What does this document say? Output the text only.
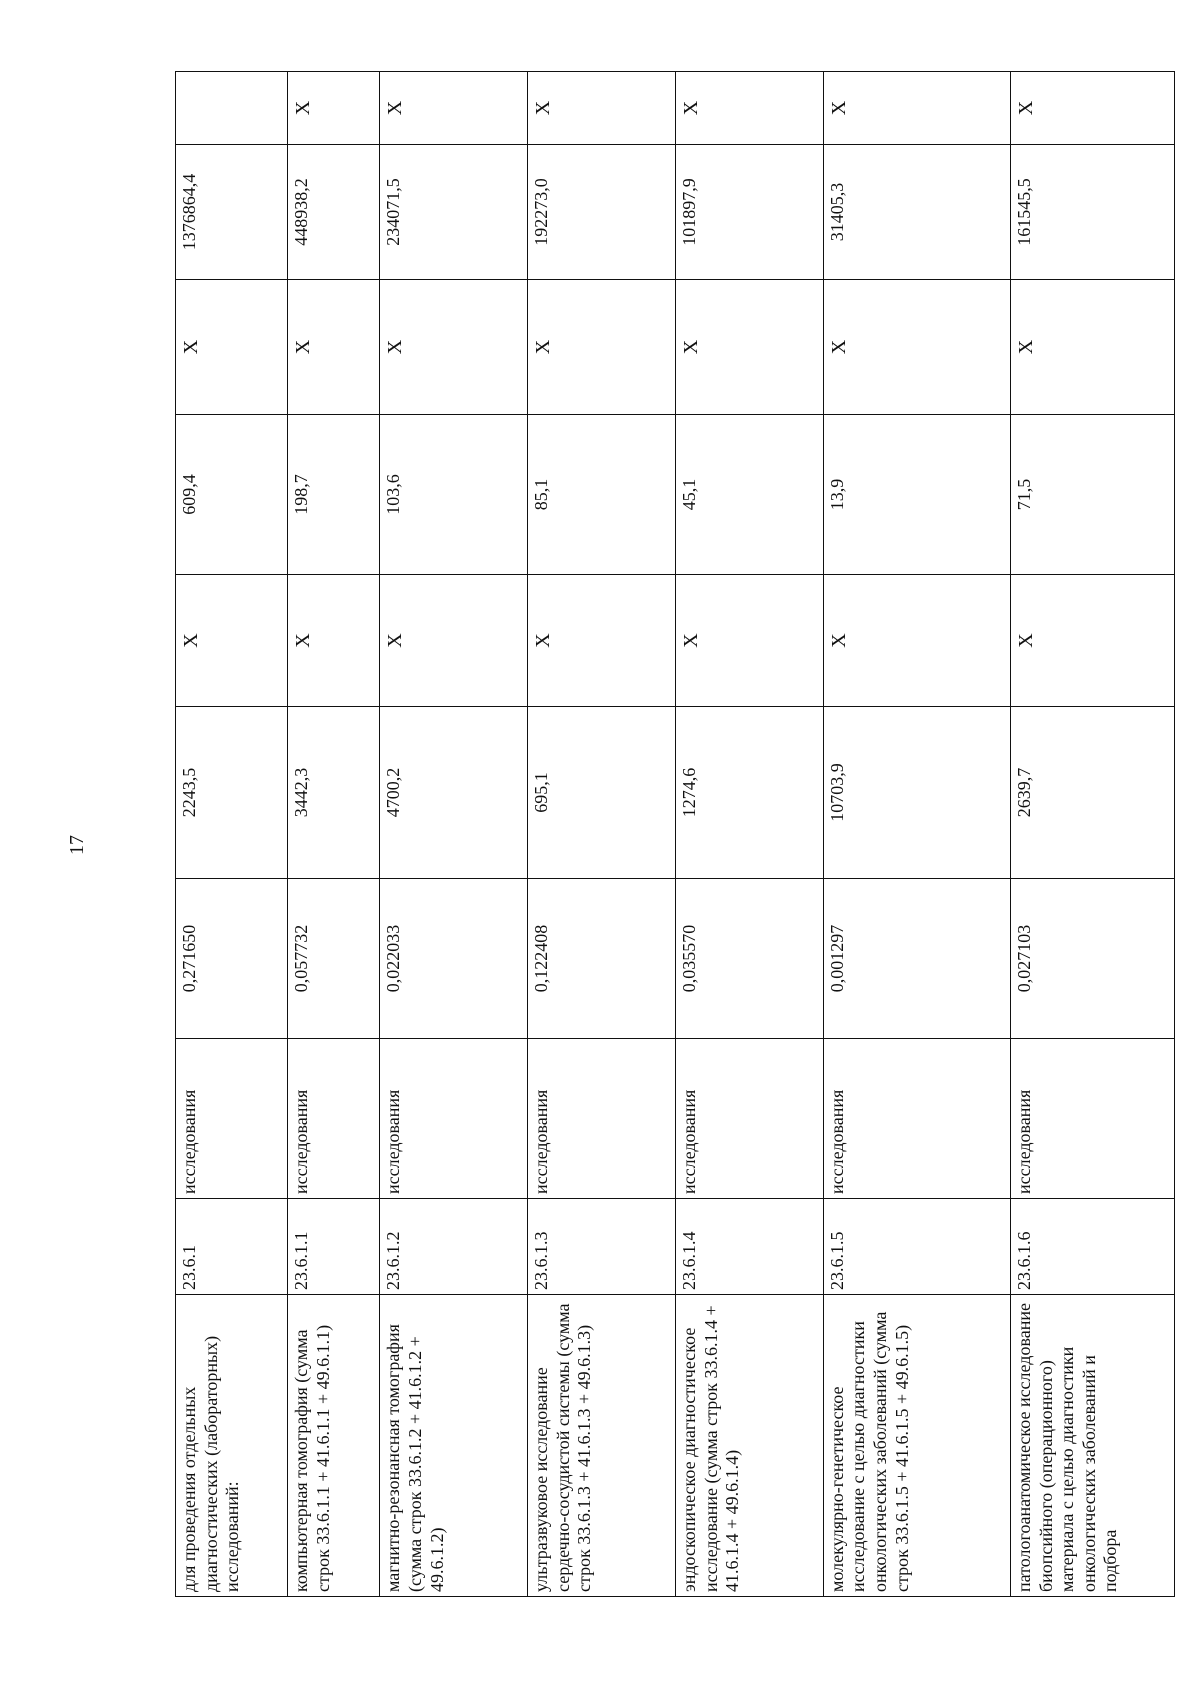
17
для проведения отдельных диагностических (лабораторных) исследований:	23.6.1	исследования	0,271650	2243,5	X	609,4	X	1376864,4	
компьютерная томография (сумма строк 33.6.1.1 + 41.6.1.1 + 49.6.1.1)	23.6.1.1	исследования	0,057732	3442,3	X	198,7	X	448938,2	X
магнитно-резонансная томография (сумма строк 33.6.1.2 + 41.6.1.2 + 49.6.1.2)	23.6.1.2	исследования	0,022033	4700,2	X	103,6	X	234071,5	X
ультразвуковое исследование сердечно-сосудистой системы (сумма строк 33.6.1.3 + 41.6.1.3 + 49.6.1.3)	23.6.1.3	исследования	0,122408	695,1	X	85,1	X	192273,0	X
эндоскопическое диагностическое исследование (сумма строк 33.6.1.4 + 41.6.1.4 + 49.6.1.4)	23.6.1.4	исследования	0,035570	1274,6	X	45,1	X	101897,9	X
молекулярно-генетическое исследование с целью диагностики онкологических заболеваний (сумма строк 33.6.1.5 + 41.6.1.5 + 49.6.1.5)	23.6.1.5	исследования	0,001297	10703,9	X	13,9	X	31405,3	X
патологоанатомическое исследование биопсийного (операционного) материала с целью диагностики онкологических заболеваний и подбора	23.6.1.6	исследования	0,027103	2639,7	X	71,5	X	161545,5	X
